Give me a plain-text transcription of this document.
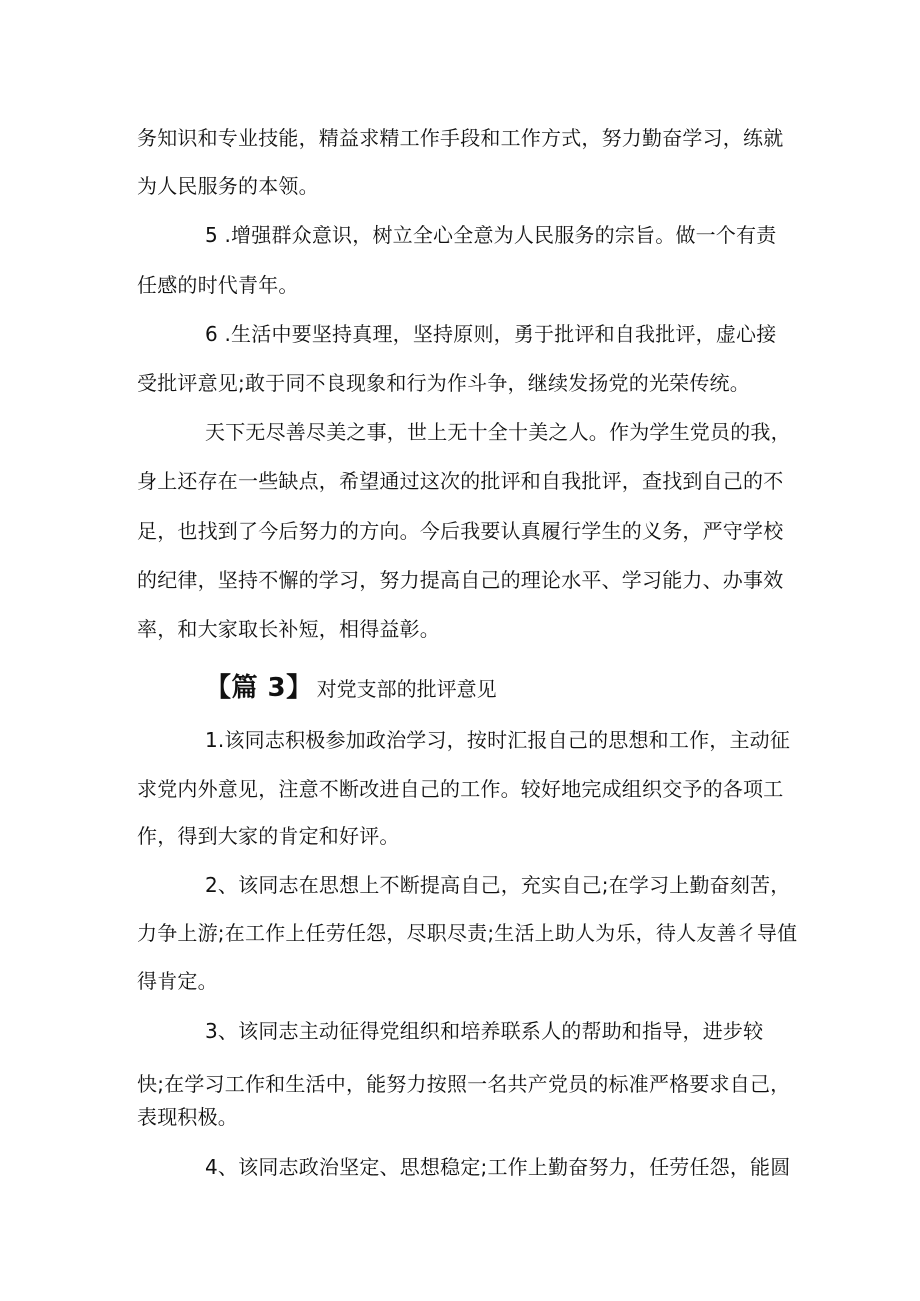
务知识和专业技能，精益求精工作手段和工作方式，努力勤奋学习，练就
为人民服务的本领。
5 .增强群众意识，树立全心全意为人民服务的宗旨。做一个有责
任感的时代青年。
6 .生活中要坚持真理，坚持原则，勇于批评和自我批评，虚心接
受批评意见;敢于同不良现象和行为作斗争，继续发扬党的光荣传统。
天下无尽善尽美之事，世上无十全十美之人。作为学生党员的我，
身上还存在一些缺点，希望通过这次的批评和自我批评，查找到自己的不
足，也找到了今后努力的方向。今后我要认真履行学生的义务，严守学校
的纪律，坚持不懈的学习，努力提高自己的理论水平、学习能力、办事效
率，和大家取长补短，相得益彰。
【篇 3】 对党支部的批评意见
1.该同志积极参加政治学习，按时汇报自己的思想和工作，主动征
求党内外意见，注意不断改进自己的工作。较好地完成组织交予的各项工
作，得到大家的肯定和好评。
2、该同志在思想上不断提高自己，充实自己;在学习上勤奋刻苦，
力争上游;在工作上任劳任怨，尽职尽责;生活上助人为乐，待人友善彳导值
得肯定。
3、该同志主动征得党组织和培养联系人的帮助和指导，进步较
快;在学习工作和生活中，能努力按照一名共产党员的标准严格要求自己，
表现积极。
4、该同志政治坚定、思想稳定;工作上勤奋努力，任劳任怨，能圆
